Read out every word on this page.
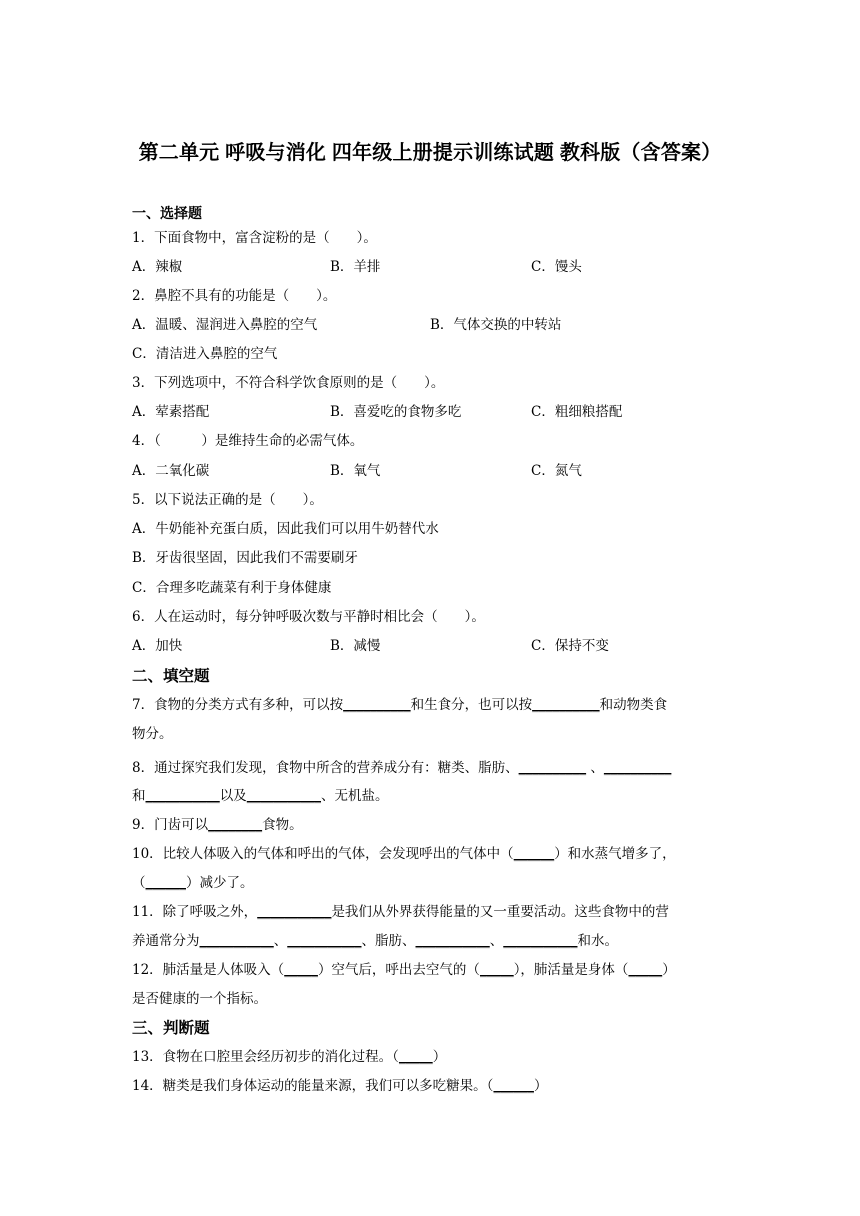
第二单元 呼吸与消化 四年级上册提示训练试题 教科版（含答案）
一、选择题
1．下面食物中，富含淀粉的是（　　）。
A．辣椒	B．羊排	C．馒头
2．鼻腔不具有的功能是（　　）。
A．温暖、湿润进入鼻腔的空气	B．气体交换的中转站
C．清洁进入鼻腔的空气
3．下列选项中，不符合科学饮食原则的是（　　）。
A．荤素搭配	B．喜爱吃的食物多吃	C．粗细粮搭配
4．（　　　）是维持生命的必需气体。
A．二氧化碳	B．氧气	C．氮气
5．以下说法正确的是（　　）。
A．牛奶能补充蛋白质，因此我们可以用牛奶替代水
B．牙齿很坚固，因此我们不需要刷牙
C．合理多吃蔬菜有利于身体健康
6．人在运动时，每分钟呼吸次数与平静时相比会（　　）。
A．加快	B．减慢	C．保持不变
二、填空题
7．食物的分类方式有多种，可以按__________和生食分，也可以按__________和动物类食
物分。
8．通过探究我们发现，食物中所含的营养成分有：糖类、脂肪、__________ 、__________
和___________以及___________、无机盐。
9．门齿可以________食物。
10．比较人体吸入的气体和呼出的气体，会发现呼出的气体中（______）和水蒸气增多了，
（______）减少了。
11．除了呼吸之外，___________是我们从外界获得能量的又一重要活动。这些食物中的营
养通常分为___________、___________、脂肪、___________、___________和水。
12．肺活量是人体吸入（_____）空气后，呼出去空气的（_____），肺活量是身体（_____）
是否健康的一个指标。
三、判断题
13．食物在口腔里会经历初步的消化过程。（_____）
14．糖类是我们身体运动的能量来源，我们可以多吃糖果。（______）
